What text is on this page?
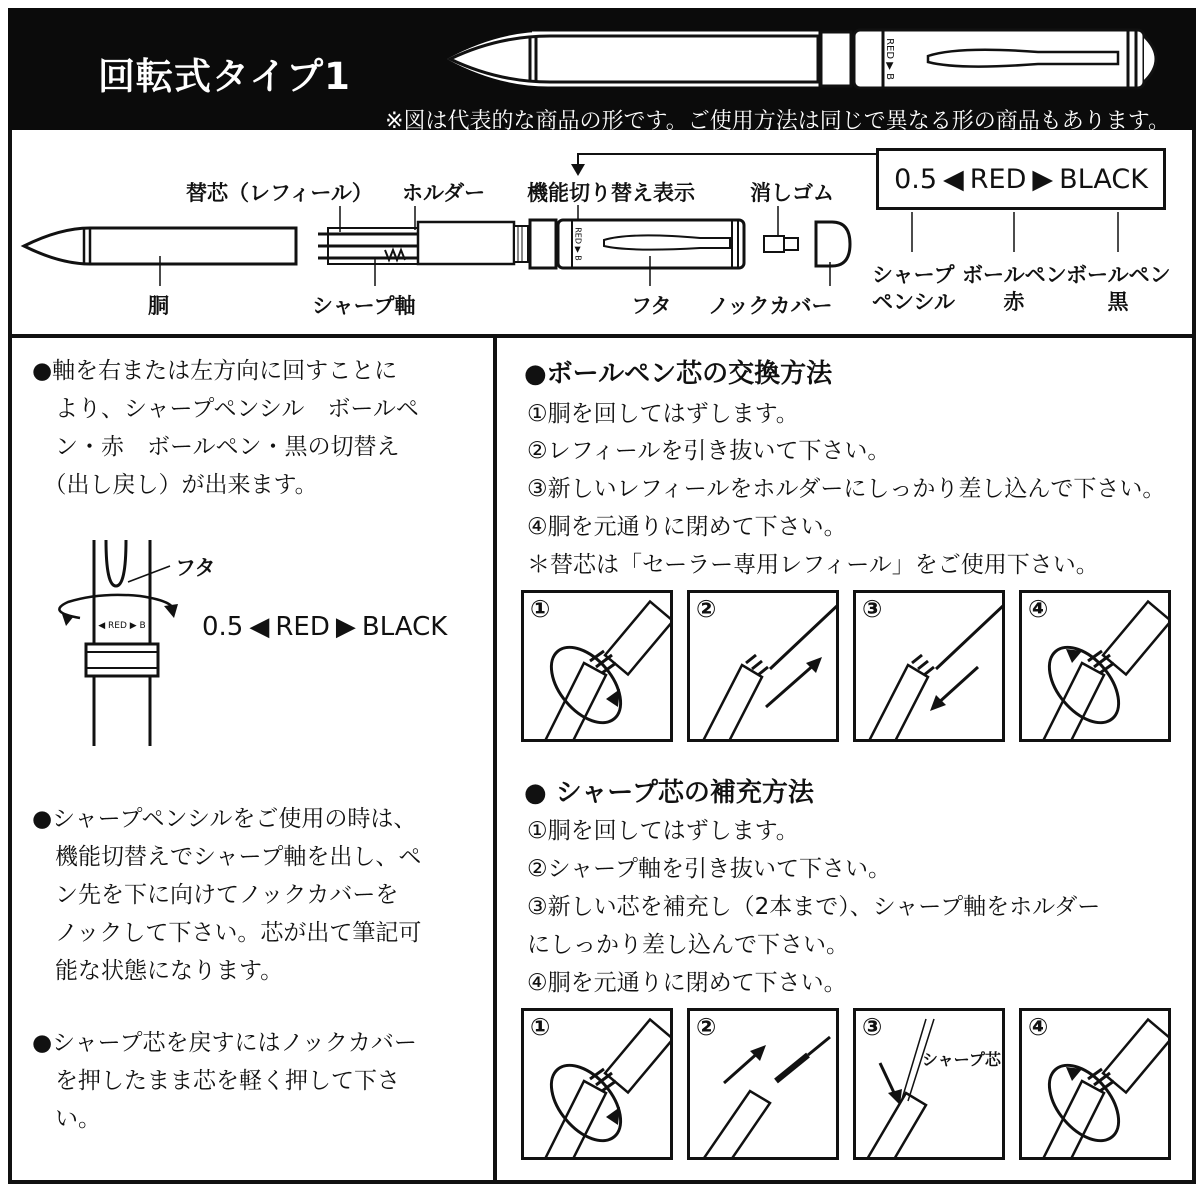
回転式タイプ1	RED ▶ B
※図は代表的な商品の形です。ご使用方法は同じで異なる形の商品もあります。
替芯（レフィール） ホルダー 機能切り替え表示	消しゴム
胴	シャープ軸	フタ ノックカバー
RED ▶ B
0.5 ◀ RED ▶ BLACK
シャープ
ペンシル
ボールペン
赤
ボールペン
黒
●軸を右または左方向に回すことに
　より、シャープペンシル　ボールペ
　ン・赤　ボールペン・黒の切替え
　（出し戻し）が出来ます。
◀ RED ▶ B
フタ
0.5 ◀ RED ▶ BLACK
●シャープペンシルをご使用の時は、
　機能切替えでシャープ軸を出し、ペ
　ン先を下に向けてノックカバーを
　ノックして下さい。芯が出て筆記可
　能な状態になります。
●シャープ芯を戻すにはノックカバー
　を押したまま芯を軽く押して下さ
　い。
●ボールペン芯の交換方法
①胴を回してはずします。
②レフィールを引き抜いて下さい。
③新しいレフィールをホルダーにしっかり差し込んで下さい。
④胴を元通りに閉めて下さい。
＊替芯は「セーラー専用レフィール」をご使用下さい。
①	②	③	④
● シャープ芯の補充方法
①胴を回してはずします。
②シャープ軸を引き抜いて下さい。
③新しい芯を補充し（2本まで）、シャープ軸をホルダー
にしっかり差し込んで下さい。
④胴を元通りに閉めて下さい。
①	②	③
シャープ芯
④
